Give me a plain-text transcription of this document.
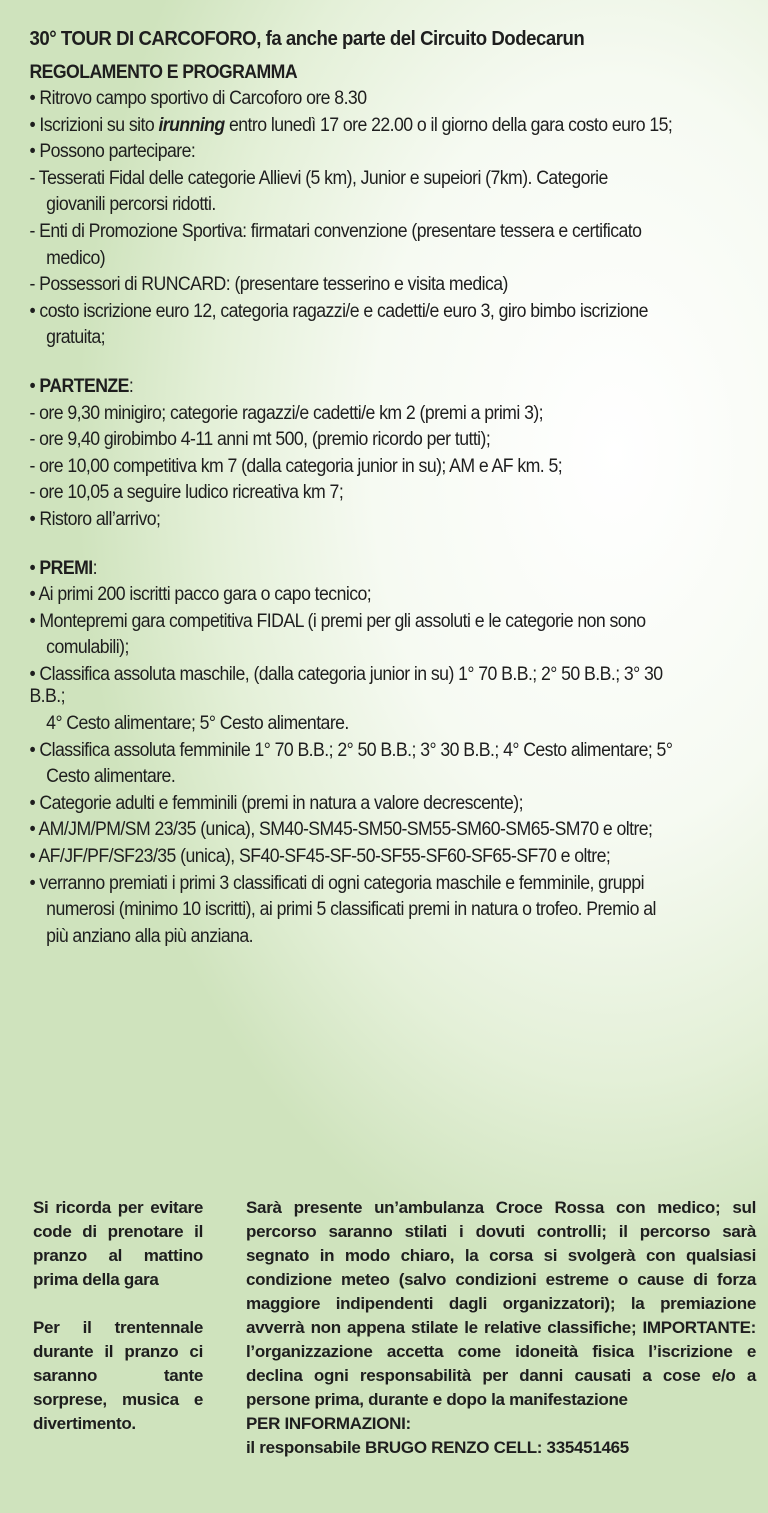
30° TOUR DI CARCOFORO, fa anche parte del Circuito Dodecarun
REGOLAMENTO E PROGRAMMA
• Ritrovo campo sportivo di Carcoforo ore 8.30
• Iscrizioni su sito irunning entro lunedì 17 ore 22.00 o il giorno della gara costo euro 15;
• Possono partecipare:
- Tesserati Fidal delle categorie Allievi (5 km), Junior e supeiori (7km). Categorie
giovanili percorsi ridotti.
- Enti di Promozione Sportiva: firmatari convenzione (presentare tessera e certificato
medico)
- Possessori di RUNCARD: (presentare tesserino e visita medica)
• costo iscrizione euro 12, categoria ragazzi/e e cadetti/e euro 3, giro bimbo iscrizione
gratuita;
• PARTENZE:
- ore 9,30 minigiro; categorie ragazzi/e cadetti/e km 2 (premi a primi 3);
- ore 9,40 girobimbo 4-11 anni mt 500, (premio ricordo per tutti);
- ore 10,00 competitiva km 7 (dalla categoria junior in su); AM e AF km. 5;
- ore 10,05 a seguire ludico ricreativa km 7;
• Ristoro all’arrivo;
• PREMI:
• Ai primi 200 iscritti pacco gara o capo tecnico;
• Montepremi gara competitiva FIDAL (i premi per gli assoluti e le categorie non sono
comulabili);
• Classifica assoluta maschile, (dalla categoria junior in su) 1° 70 B.B.; 2° 50 B.B.; 3° 30 B.B.;
4° Cesto alimentare; 5° Cesto alimentare.
• Classifica assoluta femminile 1° 70 B.B.; 2° 50 B.B.; 3° 30 B.B.; 4° Cesto alimentare; 5°
Cesto alimentare.
• Categorie adulti e femminili (premi in natura a valore decrescente);
• AM/JM/PM/SM 23/35 (unica), SM40-SM45-SM50-SM55-SM60-SM65-SM70 e oltre;
• AF/JF/PF/SF23/35 (unica), SF40-SF45-SF-50-SF55-SF60-SF65-SF70 e oltre;
• verranno premiati i primi 3 classificati di ogni categoria maschile e femminile, gruppi
numerosi (minimo 10 iscritti), ai primi 5 classificati premi in natura o trofeo. Premio al
più anziano alla più anziana.

Si ricorda per evitare code di prenotare il pranzo al mattino prima della gara

Per il trentennale durante il pranzo ci saranno tante sorprese, musica e divertimento.

Sarà presente un’ambulanza Croce Rossa con medico; sul percorso saranno stilati i dovuti controlli; il percorso sarà segnato in modo chiaro, la corsa si svolgerà con qualsiasi condizione meteo (salvo condizioni estreme o cause di forza maggiore indipendenti dagli organizzatori); la premiazione avverrà non appena stilate le relative classifiche; IMPORTANTE: l’organizzazione accetta come idoneità fisica l’iscrizione e declina ogni responsabilità per danni causati a cose e/o a persone prima, durante e dopo la manifestazione

PER INFORMAZIONI:

il responsabile BRUGO RENZO CELL: 335451465
